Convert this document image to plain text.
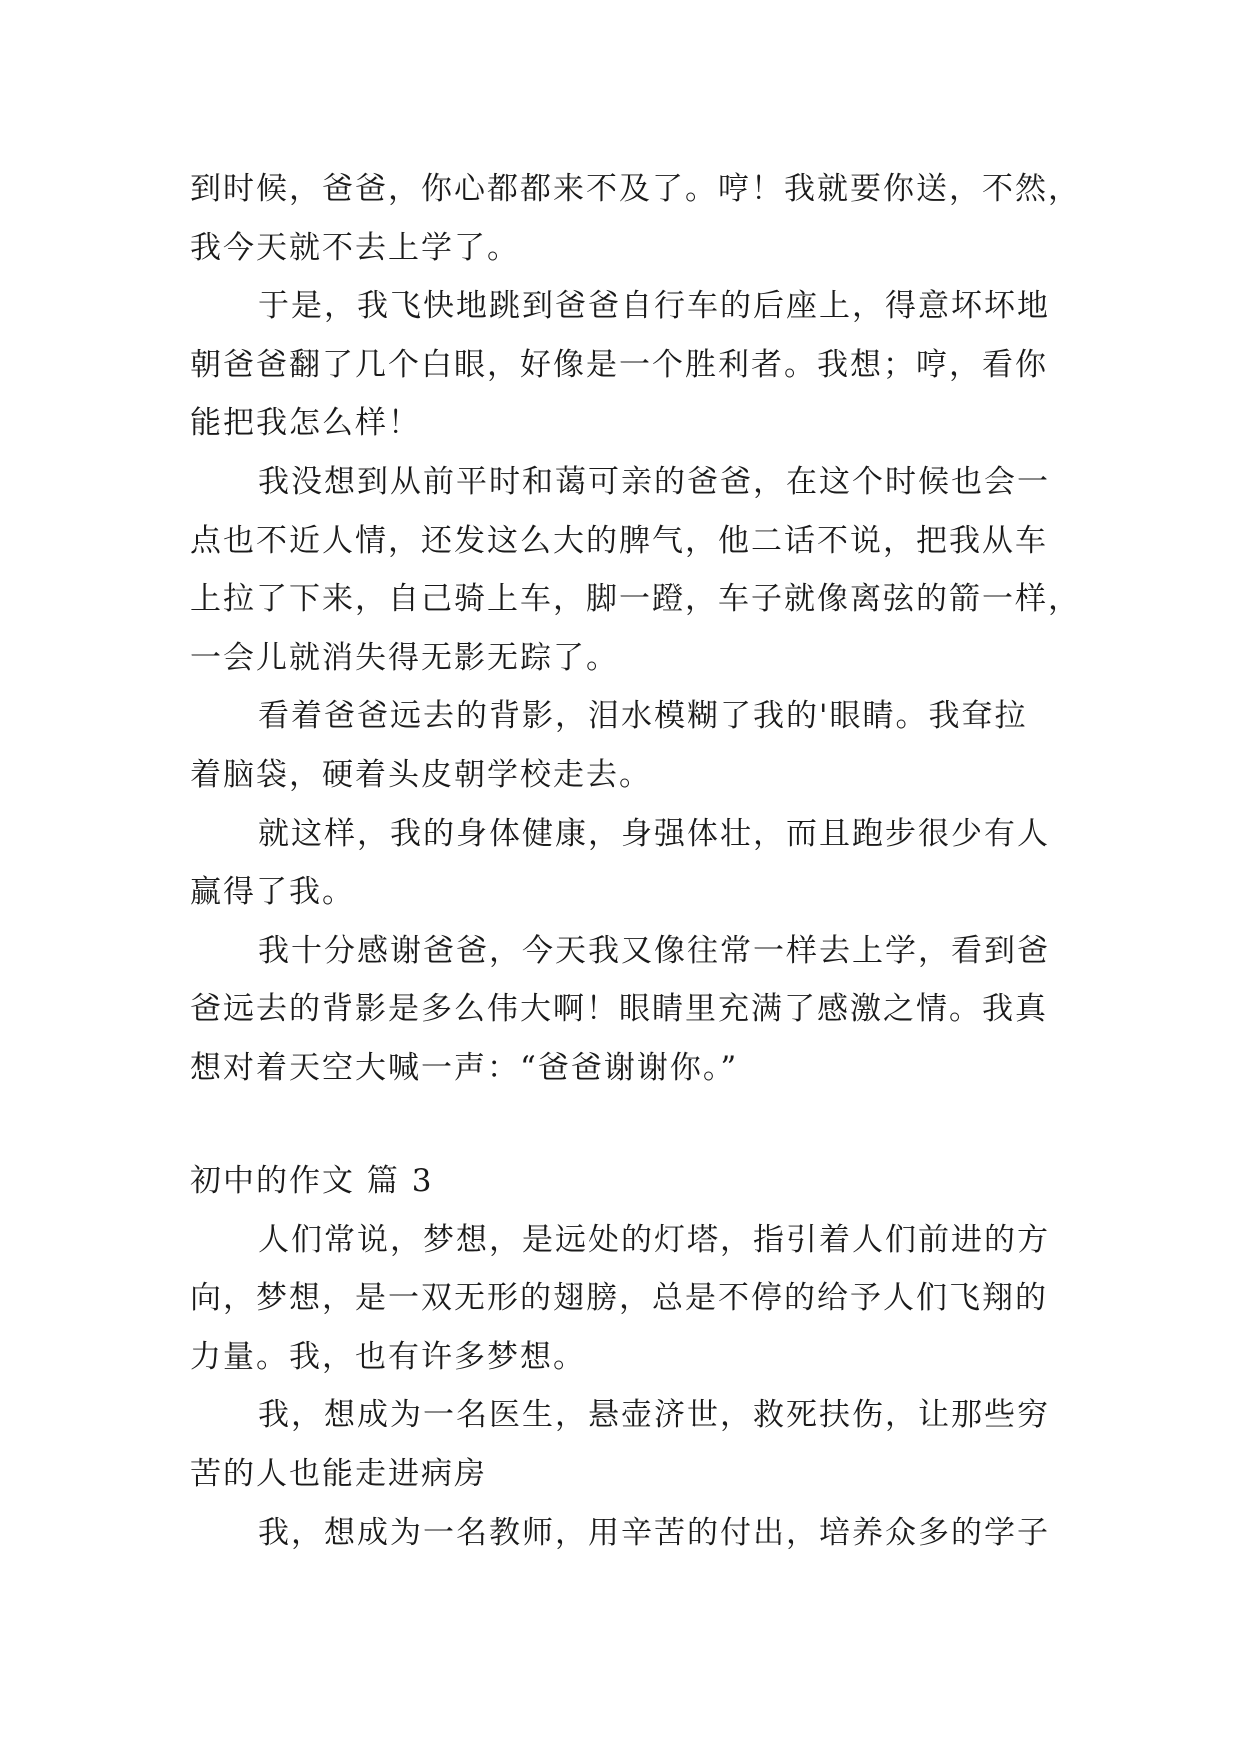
到时候，爸爸，你心都都来不及了。哼！我就要你送，不然，
我今天就不去上学了。
于是，我飞快地跳到爸爸自行车的后座上，得意坏坏地
朝爸爸翻了几个白眼，好像是一个胜利者。我想；哼，看你
能把我怎么样！
我没想到从前平时和蔼可亲的爸爸，在这个时候也会一
点也不近人情，还发这么大的脾气，他二话不说，把我从车
上拉了下来，自己骑上车，脚一蹬，车子就像离弦的箭一样，
一会儿就消失得无影无踪了。
看着爸爸远去的背影，泪水模糊了我的'眼睛。我耷拉
着脑袋，硬着头皮朝学校走去。
就这样，我的身体健康，身强体壮，而且跑步很少有人
赢得了我。
我十分感谢爸爸，今天我又像往常一样去上学，看到爸
爸远去的背影是多么伟大啊！眼睛里充满了感激之情。我真
想对着天空大喊一声：“爸爸谢谢你。”
初中的作文 篇 3
人们常说，梦想，是远处的灯塔，指引着人们前进的方
向，梦想，是一双无形的翅膀，总是不停的给予人们飞翔的
力量。我，也有许多梦想。
我，想成为一名医生，悬壶济世，救死扶伤，让那些穷
苦的人也能走进病房
我，想成为一名教师，用辛苦的付出，培养众多的学子
